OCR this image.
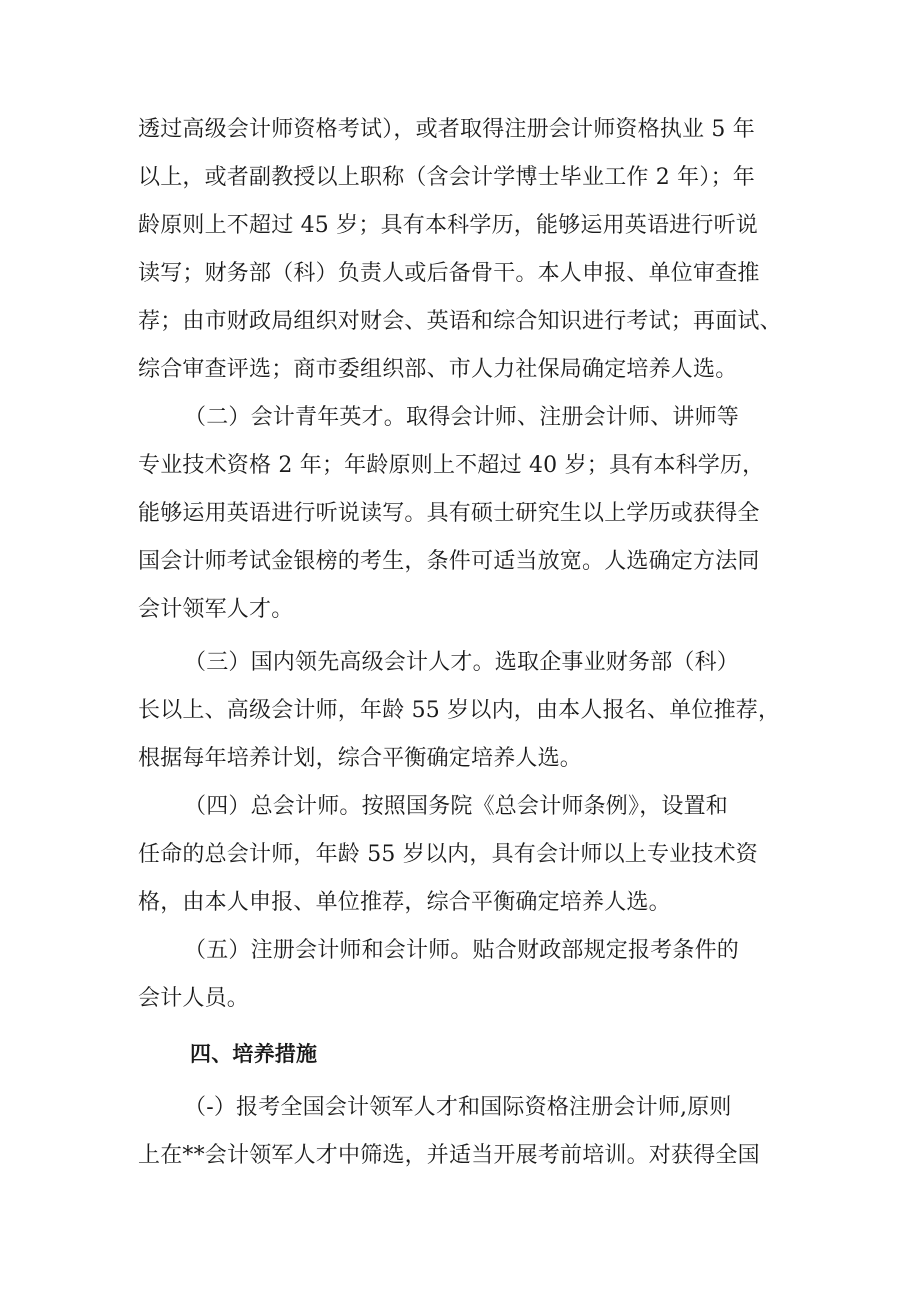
透过高级会计师资格考试），或者取得注册会计师资格执业 5 年
以上，或者副教授以上职称（含会计学博士毕业工作 2 年）；年
龄原则上不超过 45 岁；具有本科学历，能够运用英语进行听说
读写；财务部（科）负责人或后备骨干。本人申报、单位审查推
荐；由市财政局组织对财会、英语和综合知识进行考试；再面试、
综合审查评选；商市委组织部、市人力社保局确定培养人选。
（二）会计青年英才。取得会计师、注册会计师、讲师等
专业技术资格 2 年；年龄原则上不超过 40 岁；具有本科学历，
能够运用英语进行听说读写。具有硕士研究生以上学历或获得全
国会计师考试金银榜的考生，条件可适当放宽。人选确定方法同
会计领军人才。
（三）国内领先高级会计人才。选取企事业财务部（科）
长以上、高级会计师，年龄 55 岁以内，由本人报名、单位推荐，
根据每年培养计划，综合平衡确定培养人选。
（四）总会计师。按照国务院《总会计师条例》，设置和
任命的总会计师，年龄 55 岁以内，具有会计师以上专业技术资
格，由本人申报、单位推荐，综合平衡确定培养人选。
（五）注册会计师和会计师。贴合财政部规定报考条件的
会计人员。
四、培养措施
（-）报考全国会计领军人才和国际资格注册会计师,原则
上在**会计领军人才中筛选，并适当开展考前培训。对获得全国
